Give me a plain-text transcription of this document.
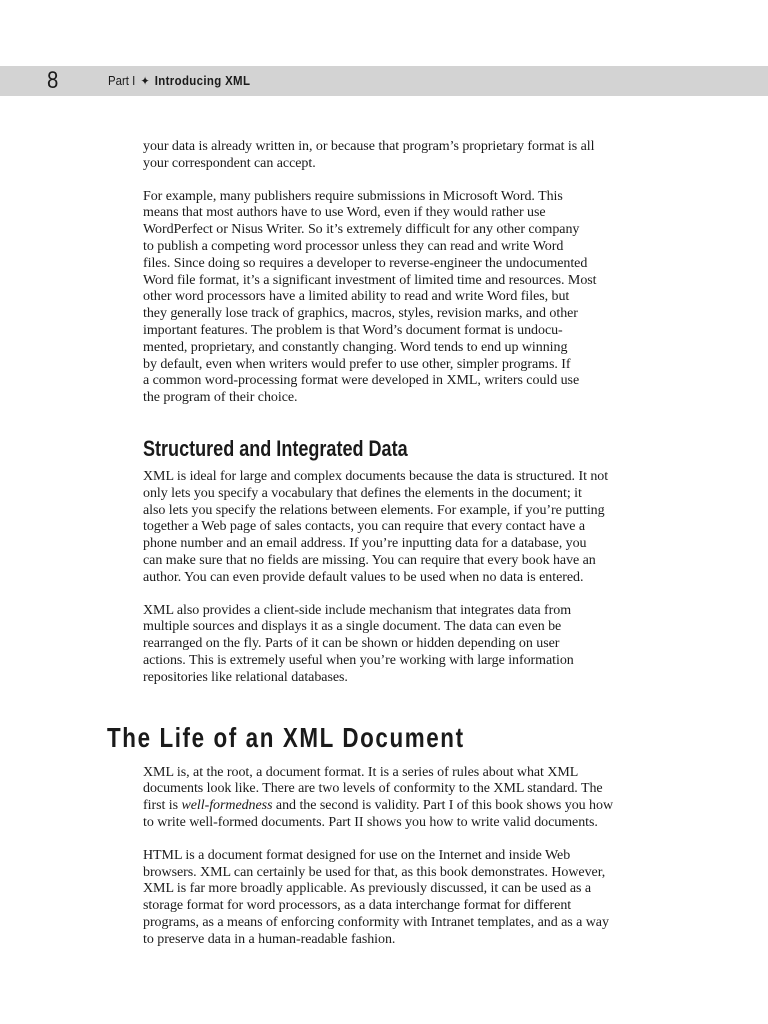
8	Part I ✦ Introducing XML

your data is already written in, or because that program’s proprietary format is all
your correspondent can accept.

For example, many publishers require submissions in Microsoft Word. This
means that most authors have to use Word, even if they would rather use
WordPerfect or Nisus Writer. So it’s extremely difficult for any other company
to publish a competing word processor unless they can read and write Word
files. Since doing so requires a developer to reverse-engineer the undocumented
Word file format, it’s a significant investment of limited time and resources. Most
other word processors have a limited ability to read and write Word files, but
they generally lose track of graphics, macros, styles, revision marks, and other
important features. The problem is that Word’s document format is undocu-
mented, proprietary, and constantly changing. Word tends to end up winning
by default, even when writers would prefer to use other, simpler programs. If
a common word-processing format were developed in XML, writers could use
the program of their choice.

Structured and Integrated Data

XML is ideal for large and complex documents because the data is structured. It not
only lets you specify a vocabulary that defines the elements in the document; it
also lets you specify the relations between elements. For example, if you’re putting
together a Web page of sales contacts, you can require that every contact have a
phone number and an email address. If you’re inputting data for a database, you
can make sure that no fields are missing. You can require that every book have an
author. You can even provide default values to be used when no data is entered.

XML also provides a client-side include mechanism that integrates data from
multiple sources and displays it as a single document. The data can even be
rearranged on the fly. Parts of it can be shown or hidden depending on user
actions. This is extremely useful when you’re working with large information
repositories like relational databases.

The Life of an XML Document

XML is, at the root, a document format. It is a series of rules about what XML
documents look like. There are two levels of conformity to the XML standard. The
first is well-formedness and the second is validity. Part I of this book shows you how
to write well-formed documents. Part II shows you how to write valid documents.

HTML is a document format designed for use on the Internet and inside Web
browsers. XML can certainly be used for that, as this book demonstrates. However,
XML is far more broadly applicable. As previously discussed, it can be used as a
storage format for word processors, as a data interchange format for different
programs, as a means of enforcing conformity with Intranet templates, and as a way
to preserve data in a human-readable fashion.
